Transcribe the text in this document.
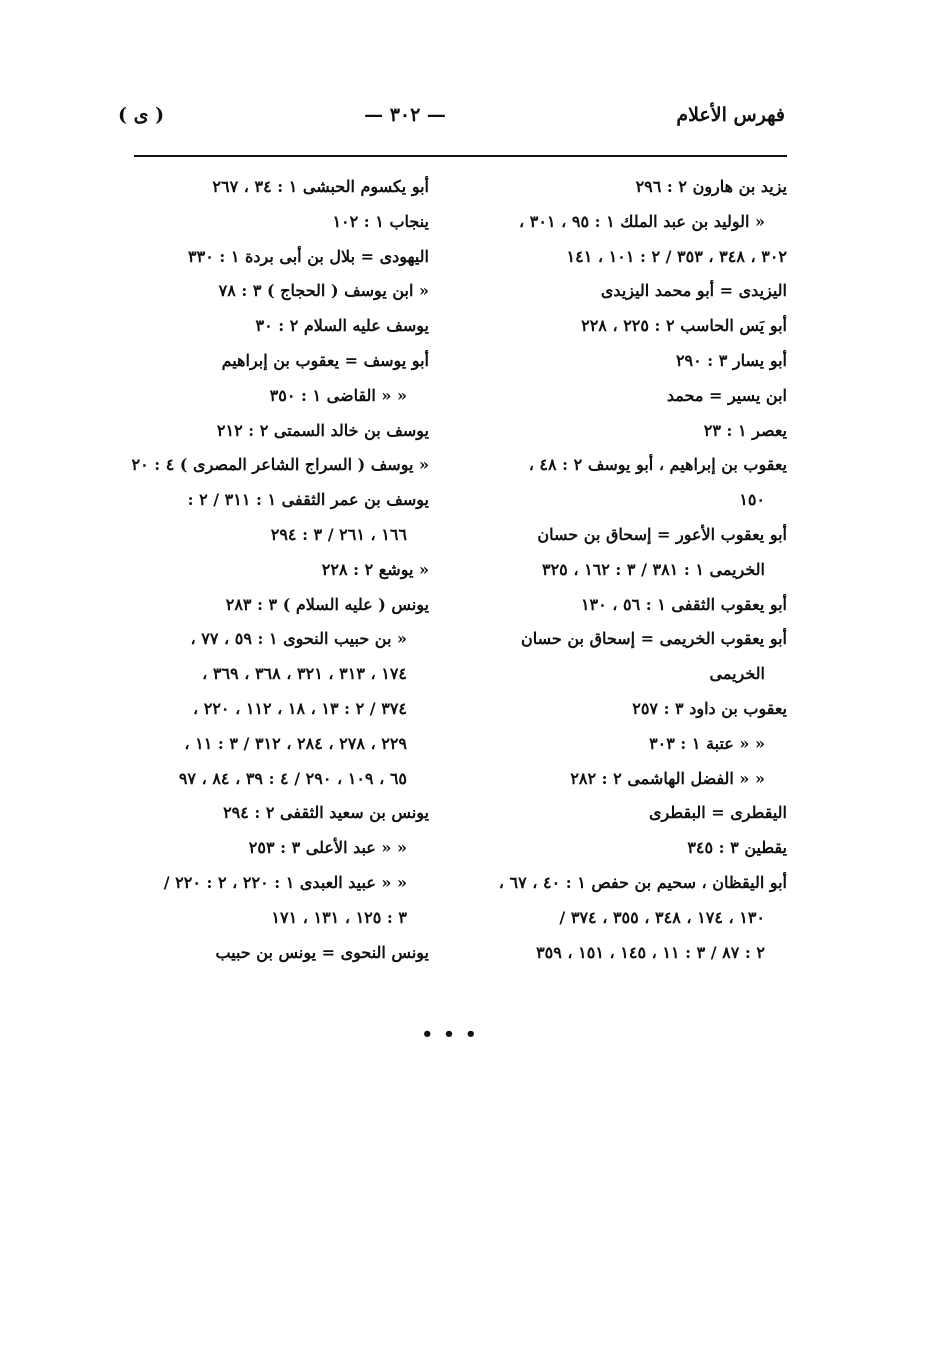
فهرس الأعلام
— ٣٠٢ —
( ى )
يزيد بن هارون ٢ : ٢٩٦
« الوليد بن عبد الملك ١ : ٩٥ ، ٣٠١ ،
٣٠٢ ، ٣٤٨ ، ٣٥٣ / ٢ : ١٠١ ، ١٤١
اليزيدى = أبو محمد اليزيدى
أبو يَس الحاسب ٢ : ٢٢٥ ، ٢٢٨
أبو يسار ٣ : ٢٩٠
ابن يسير = محمد
يعصر ١ : ٢٣
يعقوب بن إبراهيم ، أبو يوسف ٢ : ٤٨ ،
١٥٠
أبو يعقوب الأعور = إسحاق بن حسان
الخريمى ١ : ٣٨١ / ٣ : ١٦٢ ، ٣٢٥
أبو يعقوب الثقفى ١ : ٥٦ ، ١٣٠
أبو يعقوب الخريمى = إسحاق بن حسان
الخريمى
يعقوب بن داود ٣ : ٢٥٧
« « عتبة ١ : ٣٠٣
« « الفضل الهاشمى ٢ : ٢٨٢
اليقطرى = البقطرى
يقطين ٣ : ٣٤٥
أبو اليقظان ، سحيم بن حفص ١ : ٤٠ ، ٦٧ ،
١٣٠ ، ١٧٤ ، ٣٤٨ ، ٣٥٥ ، ٣٧٤ /
٢ : ٨٧ / ٣ : ١١ ، ١٤٥ ، ١٥١ ، ٣٥٩
أبو يكسوم الحبشى ١ : ٣٤ ، ٢٦٧
ينجاب ١ : ١٠٢
اليهودى = بلال بن أبى بردة ١ : ٣٣٠
« ابن يوسف ( الحجاج ) ٣ : ٧٨
يوسف عليه السلام ٢ : ٣٠
أبو يوسف = يعقوب بن إبراهيم
« « القاضى ١ : ٣٥٠
يوسف بن خالد السمتى ٢ : ٢١٢
« يوسف ( السراج الشاعر المصرى ) ٤ : ٢٠
يوسف بن عمر الثقفى ١ : ٣١١ / ٢ :
١٦٦ ، ٢٦١ / ٣ : ٢٩٤
« يوشع ٢ : ٢٢٨
يونس ( عليه السلام ) ٣ : ٢٨٣
« بن حبيب النحوى ١ : ٥٩ ، ٧٧ ،
١٧٤ ، ٣١٣ ، ٣٢١ ، ٣٦٨ ، ٣٦٩ ،
٣٧٤ / ٢ : ١٣ ، ١٨ ، ١١٢ ، ٢٢٠ ،
٢٢٩ ، ٢٧٨ ، ٢٨٤ ، ٣١٢ / ٣ : ١١ ،
٦٥ ، ١٠٩ ، ٢٩٠ / ٤ : ٣٩ ، ٨٤ ، ٩٧
يونس بن سعيد الثقفى ٢ : ٢٩٤
« « عبد الأعلى ٣ : ٢٥٣
« « عبيد العبدى ١ : ٢٢٠ ، ٢ : ٢٢٠ /
٣ : ١٢٥ ، ١٣١ ، ١٧١
يونس النحوى = يونس بن حبيب
• • •
